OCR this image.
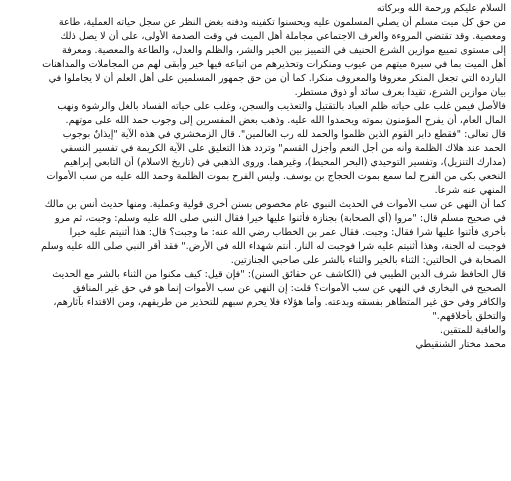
السلام عليكم ورحمة الله وبركاته
من حق كل ميت مسلم أن يصلي المسلمون عليه ويحسنوا تكفينه ودفنه بغض النظر عن سجل حياته العملية، طاعة
ومعصية. وقد تقتضي المروءة والعرف الاجتماعي مجاملة أهل الميت في وقت الصدمة الأولى، على أن لا يصل ذلك
إلى مستوى تمييع موازين الشرع الحنيف في التمييز بين الخير والشر، والظلم والعدل، والطاعة والمعصية. ومعرفة
أهل الميت بما في سيرة ميتهم من عيوب ومنكرات وتحذيرهم من اتباعه فيها خير وأبقى لهم من المجاملات والمداهنات
الباردة التي تجعل المنكر معروفا والمعروف منكرا. كما أن من حق جمهور المسلمين على أهل العلم أن لا يجاملوا في
بيان موازين الشرع، تقيدا بعرف سائد أو ذوق مستطر.
فالأصل فيمن غلب على حياته ظلم العباد بالتقتيل والتعذيب والسجن، وغلب على حياته الفساد بالغل والرشوة ونهب
المال العام، أن يفرح المؤمنون بموته ويحمدوا الله عليه. وذهب بعض المفسرين إلى وجوب حمد الله على موتهم.
قال تعالى: "فقطع دابر القوم الذين ظلموا والحمد لله رب العالمين". قال الزمخشري في هذه الآية "إيذانٌ بوجوب
الحمد عند هلاك الظلمة وأنه من أجل النعم وأجزل القسم" وتردد هذا التعليق على الآية الكريمة في تفسير النسفي
(مدارك التنزيل)، وتفسير التوحيدي (البحر المحيط)، وغيرهما. وروى الذهبي في (تاريخ الاسلام) أن التابعي إبراهيم
النخعي بكى من الفرح لما سمع بموت الحجاج بن يوسف. وليس الفرح بموت الظلمة وحمد الله عليه من سب الأموات
المنهي عنه شرعا.
كما أن النهي عن سب الأموات في الحديث النبوي عام مخصوص بسنن أخرى قولية وعملية. ومنها حديث أنس بن مالك
في صحيح مسلم قال: "مروا (أي الصحابة) بجنازة فأثنوا عليها خيرا فقال النبي صلى الله عليه وسلم: وجبت، ثم مرو
بأخرى فأثنوا عليها شرا فقال: وجبت. فقال عمر بن الخطاب رضي الله عنه: ما وجبت؟ قال: هذا أثنيتم عليه خيرا
فوجبت له الجنة، وهذا أثنيتم عليه شرا فوجبت له النار. أنتم شهداء الله في الأرض." فقد أقر النبي صلى الله عليه وسلم
الصحابة في الحالتين: الثناء بالخير والثناء بالشر على صاحبي الجنازتين.
قال الحافظ شرف الدين الطيبي في (الكاشف عن حقائق السنن): "فإن قيل: كيف مكنوا من الثناء بالشر مع الحديث
الصحيح في البخاري في النهي عن سب الأموات؟ قلت: إن النهي عن سب الأموات إنما هو في حق غير المنافق
والكافر وفي حق غير المتظاهر بفسقه وبدعته. وأما هؤلاء فلا يحرم سبهم للتحذير من طريقهم، ومن الاقتداء بآثارهم،
والتخلق بأخلاقهم."
والعاقبة للمتقين.
محمد مختار الشنقيطي
